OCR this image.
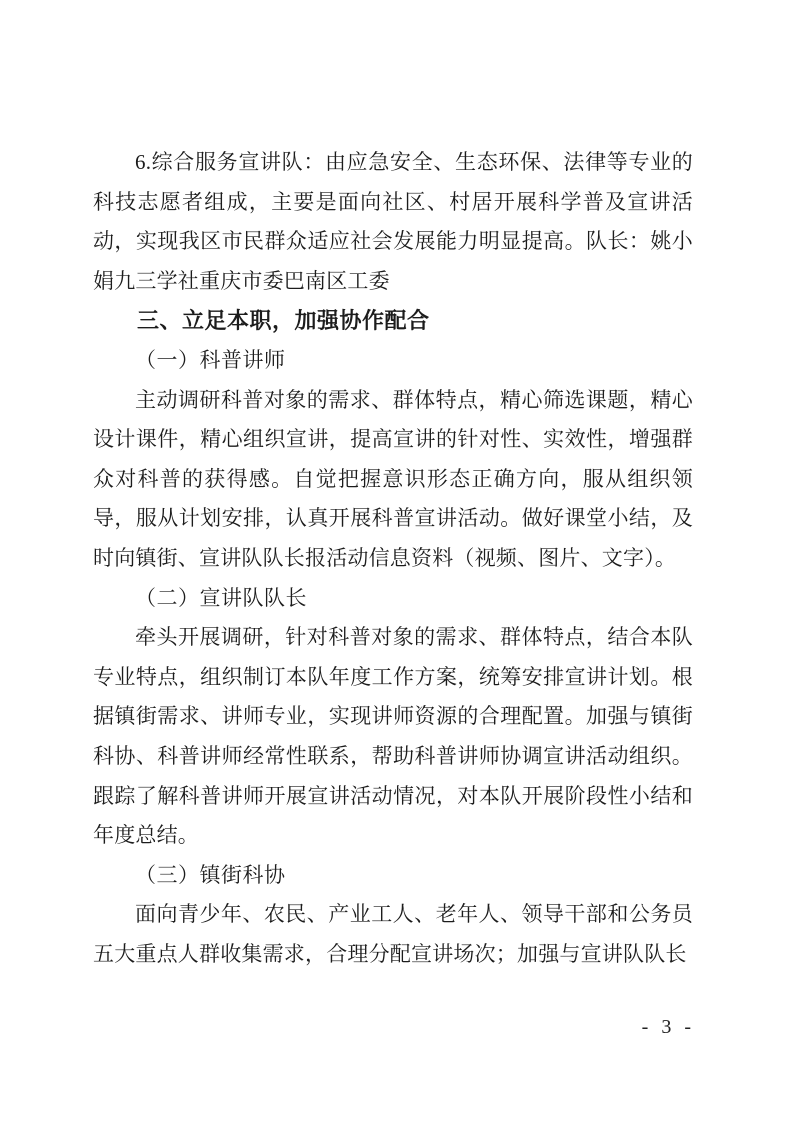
6.综合服务宣讲队：由应急安全、生态环保、法律等专业的科技志愿者组成，主要是面向社区、村居开展科学普及宣讲活动，实现我区市民群众适应社会发展能力明显提高。队长：姚小娟九三学社重庆市委巴南区工委

三、立足本职，加强协作配合

（一）科普讲师

主动调研科普对象的需求、群体特点，精心筛选课题，精心设计课件，精心组织宣讲，提高宣讲的针对性、实效性，增强群众对科普的获得感。自觉把握意识形态正确方向，服从组织领导，服从计划安排，认真开展科普宣讲活动。做好课堂小结，及时向镇街、宣讲队队长报活动信息资料（视频、图片、文字）。

（二）宣讲队队长

牵头开展调研，针对科普对象的需求、群体特点，结合本队专业特点，组织制订本队年度工作方案，统筹安排宣讲计划。根据镇街需求、讲师专业，实现讲师资源的合理配置。加强与镇街科协、科普讲师经常性联系，帮助科普讲师协调宣讲活动组织。跟踪了解科普讲师开展宣讲活动情况，对本队开展阶段性小结和年度总结。

（三）镇街科协

面向青少年、农民、产业工人、老年人、领导干部和公务员五大重点人群收集需求，合理分配宣讲场次；加强与宣讲队队长

- 3 -
